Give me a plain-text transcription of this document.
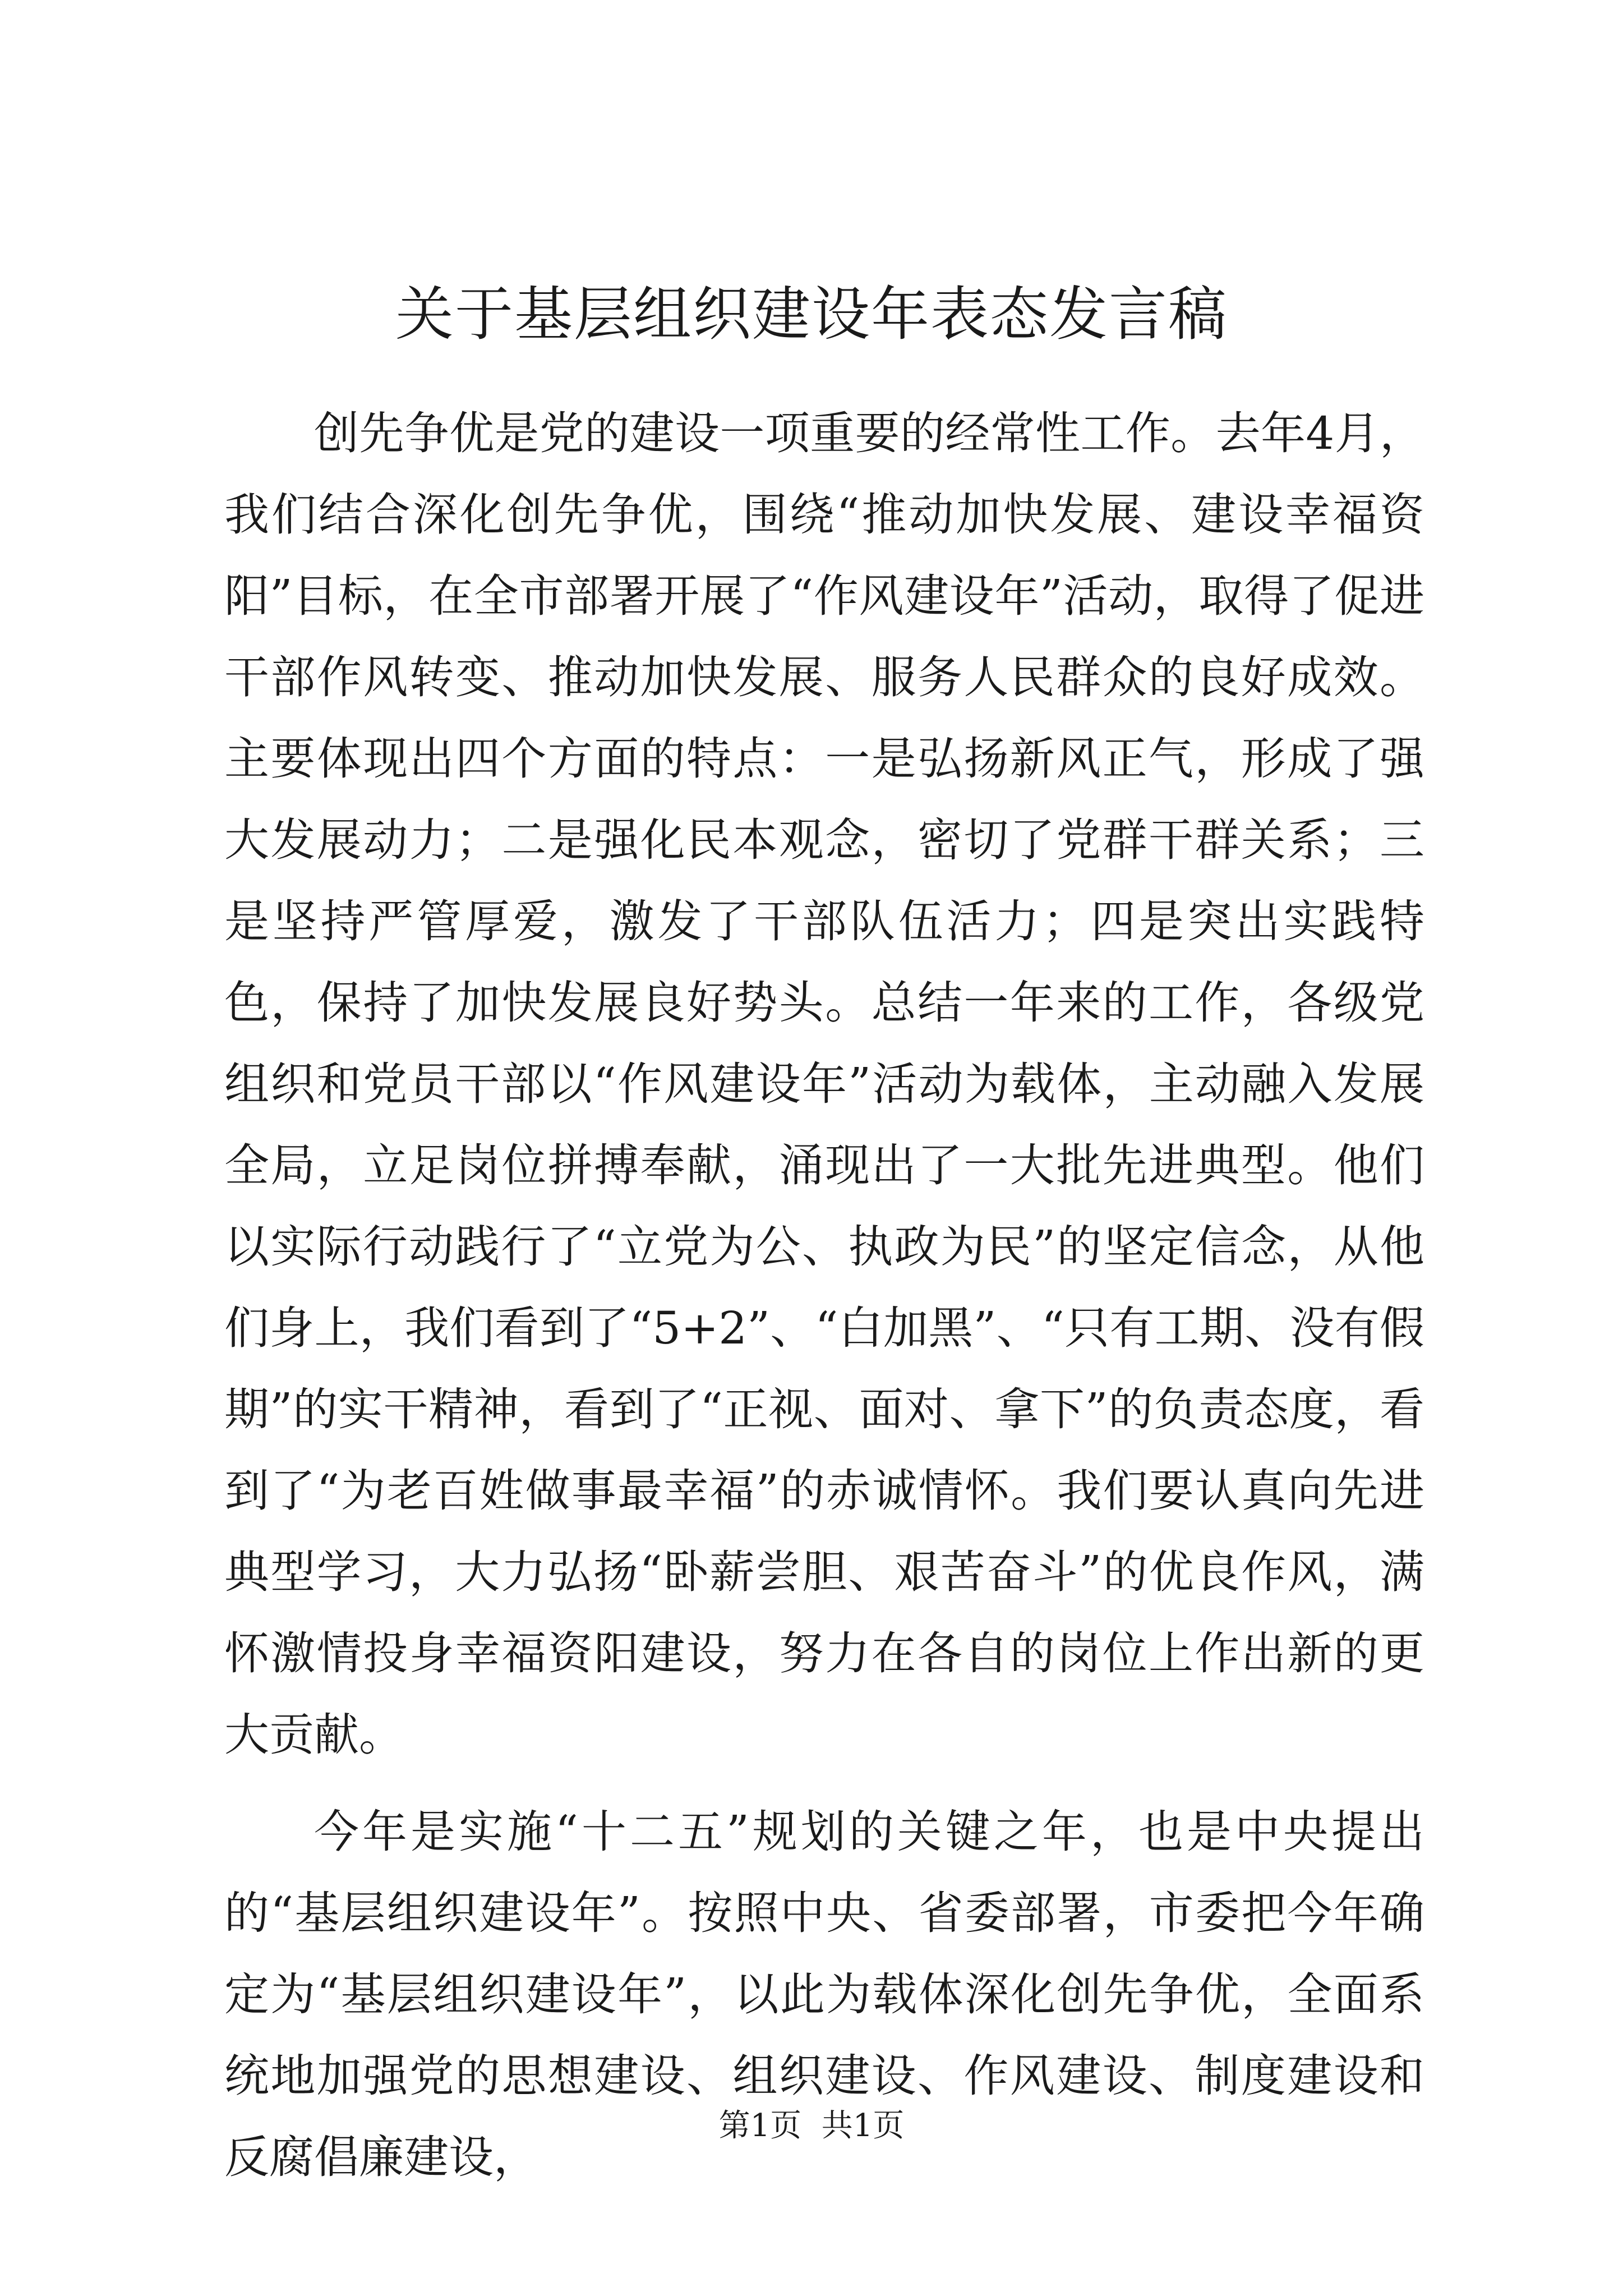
关于基层组织建设年表态发言稿

创先争优是党的建设一项重要的经常性工作。去年4月，我们结合深化创先争优，围绕“推动加快发展、建设幸福资阳”目标，在全市部署开展了“作风建设年”活动，取得了促进干部作风转变、推动加快发展、服务人民群众的良好成效。主要体现出四个方面的特点：一是弘扬新风正气，形成了强大发展动力；二是强化民本观念，密切了党群干群关系；三是坚持严管厚爱，激发了干部队伍活力；四是突出实践特色，保持了加快发展良好势头。总结一年来的工作，各级党组织和党员干部以“作风建设年”活动为载体，主动融入发展全局，立足岗位拼搏奉献，涌现出了一大批先进典型。他们以实际行动践行了“立党为公、执政为民”的坚定信念，从他们身上，我们看到了“5+2”、“白加黑”、“只有工期、没有假期”的实干精神，看到了“正视、面对、拿下”的负责态度，看到了“为老百姓做事最幸福”的赤诚情怀。我们要认真向先进典型学习，大力弘扬“卧薪尝胆、艰苦奋斗”的优良作风，满怀激情投身幸福资阳建设，努力在各自的岗位上作出新的更大贡献。

今年是实施“十二五”规划的关键之年，也是中央提出的“基层组织建设年”。按照中央、省委部署，市委把今年确定为“基层组织建设年”，以此为载体深化创先争优，全面系统地加强党的思想建设、组织建设、作风建设、制度建设和反腐倡廉建设，

第1页  共1页
